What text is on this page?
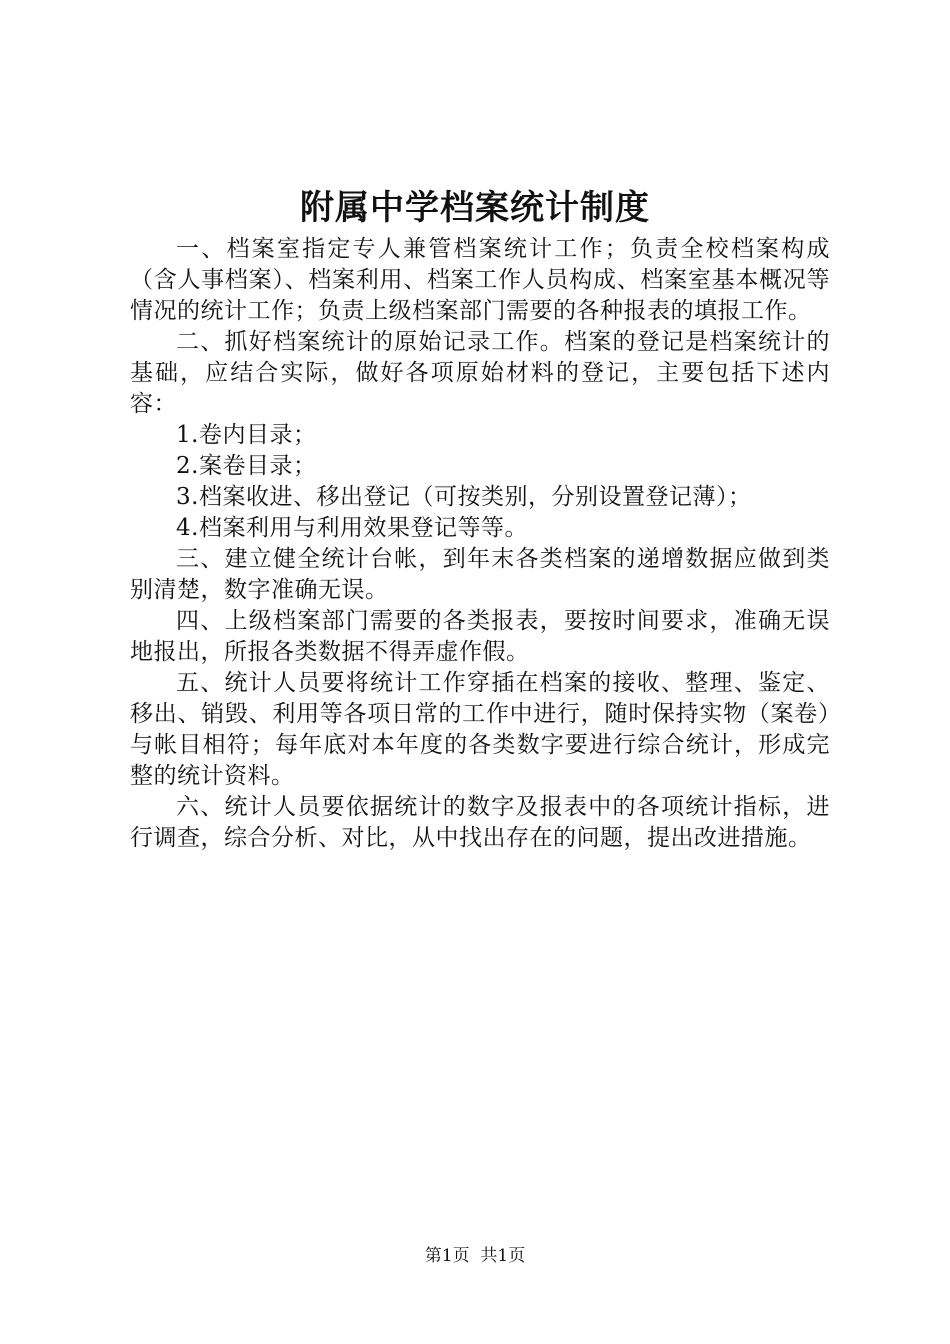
附属中学档案统计制度

一、档案室指定专人兼管档案统计工作；负责全校档案构成（含人事档案）、档案利用、档案工作人员构成、档案室基本概况等情况的统计工作；负责上级档案部门需要的各种报表的填报工作。

二、抓好档案统计的原始记录工作。档案的登记是档案统计的基础，应结合实际，做好各项原始材料的登记，主要包括下述内容：

1.卷内目录；

2.案卷目录；

3.档案收进、移出登记（可按类别，分别设置登记薄）；

4.档案利用与利用效果登记等等。

三、建立健全统计台帐，到年末各类档案的递增数据应做到类别清楚，数字准确无误。

四、上级档案部门需要的各类报表，要按时间要求，准确无误地报出，所报各类数据不得弄虚作假。

五、统计人员要将统计工作穿插在档案的接收、整理、鉴定、移出、销毁、利用等各项日常的工作中进行，随时保持实物（案卷）与帐目相符；每年底对本年度的各类数字要进行综合统计，形成完整的统计资料。

六、统计人员要依据统计的数字及报表中的各项统计指标，进行调查，综合分析、对比，从中找出存在的问题，提出改进措施。

第1页 共1页
